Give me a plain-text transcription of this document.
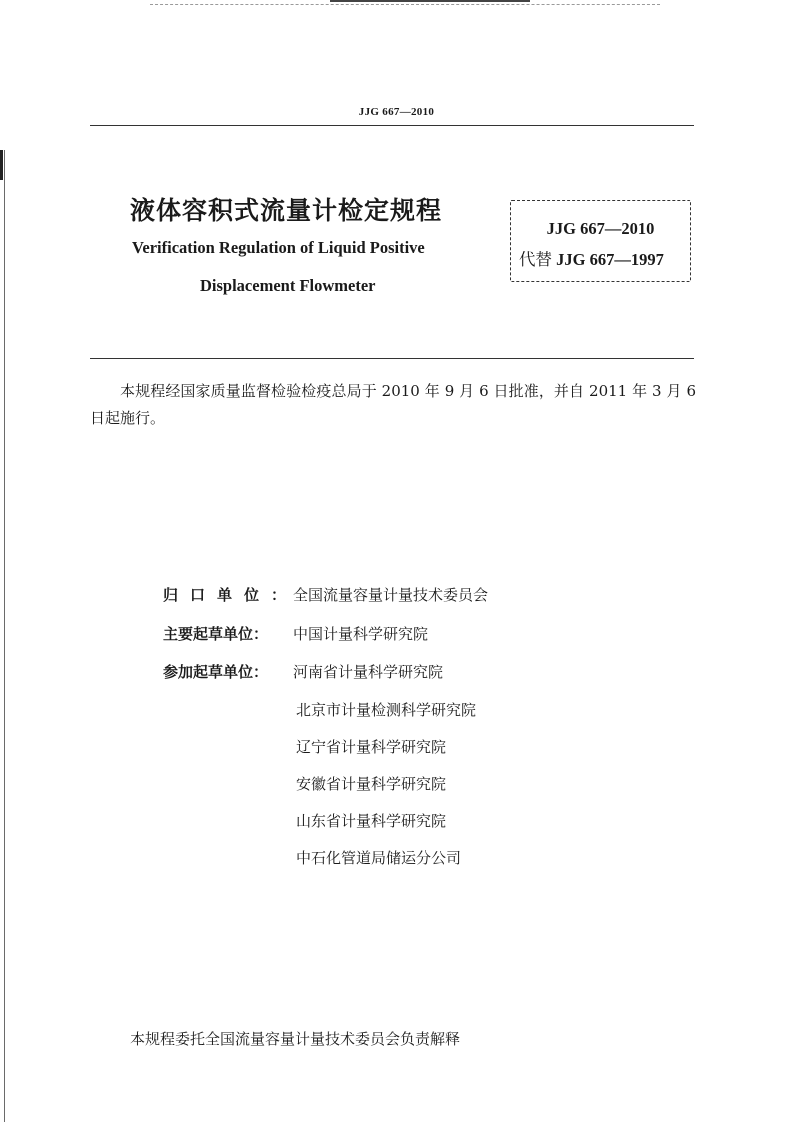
JJG 667—2010
液体容积式流量计检定规程
Verification Regulation of Liquid Positive
Displacement Flowmeter
JJG 667—2010
代替 JJG 667—1997
本规程经国家质量监督检验检疫总局于 2010 年 9 月 6 日批准，并自 2011 年 3 月 6 日起施行。
归口单位：全国流量容量计量技术委员会
主要起草单位： 中国计量科学研究院
参加起草单位： 河南省计量科学研究院
北京市计量检测科学研究院
辽宁省计量科学研究院
安徽省计量科学研究院
山东省计量科学研究院
中石化管道局储运分公司
本规程委托全国流量容量计量技术委员会负责解释
